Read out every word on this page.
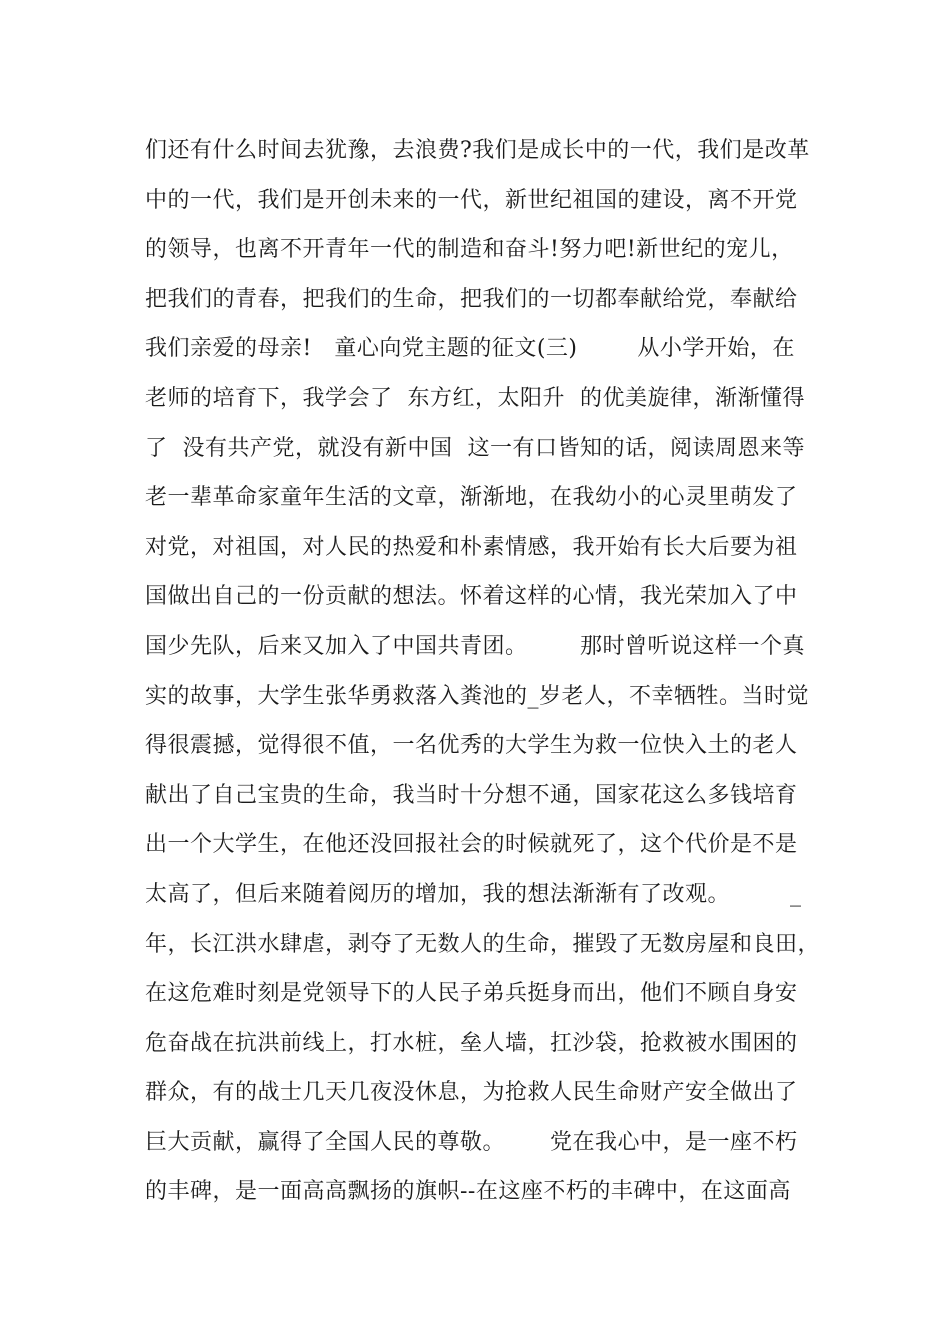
们还有什么时间去犹豫，去浪费?我们是成长中的一代，我们是改革
中的一代，我们是开创未来的一代，新世纪祖国的建设，离不开党
的领导，也离不开青年一代的制造和奋斗!努力吧!新世纪的宠儿，
把我们的青春，把我们的生命，把我们的一切都奉献给党，奉献给
我们亲爱的母亲!   童心向党主题的征文(三)        从小学开始，在
老师的培育下，我学会了  东方红，太阳升  的优美旋律，渐渐懂得
了  没有共产党，就没有新中国  这一有口皆知的话，阅读周恩来等
老一辈革命家童年生活的文章，渐渐地，在我幼小的心灵里萌发了
对党，对祖国，对人民的热爱和朴素情感，我开始有长大后要为祖
国做出自己的一份贡献的想法。怀着这样的心情，我光荣加入了中
国少先队，后来又加入了中国共青团。       那时曾听说这样一个真
实的故事，大学生张华勇救落入粪池的_岁老人，不幸牺牲。当时觉
得很震撼，觉得很不值，一名优秀的大学生为救一位快入土的老人
献出了自己宝贵的生命，我当时十分想不通，国家花这么多钱培育
出一个大学生，在他还没回报社会的时候就死了，这个代价是不是
太高了，但后来随着阅历的增加，我的想法渐渐有了改观。        _
年，长江洪水肆虐，剥夺了无数人的生命，摧毁了无数房屋和良田，
在这危难时刻是党领导下的人民子弟兵挺身而出，他们不顾自身安
危奋战在抗洪前线上，打水桩，垒人墙，扛沙袋，抢救被水围困的
群众，有的战士几天几夜没休息，为抢救人民生命财产安全做出了
巨大贡献，赢得了全国人民的尊敬。      党在我心中，是一座不朽
的丰碑，是一面高高飘扬的旗帜--在这座不朽的丰碑中，在这面高
